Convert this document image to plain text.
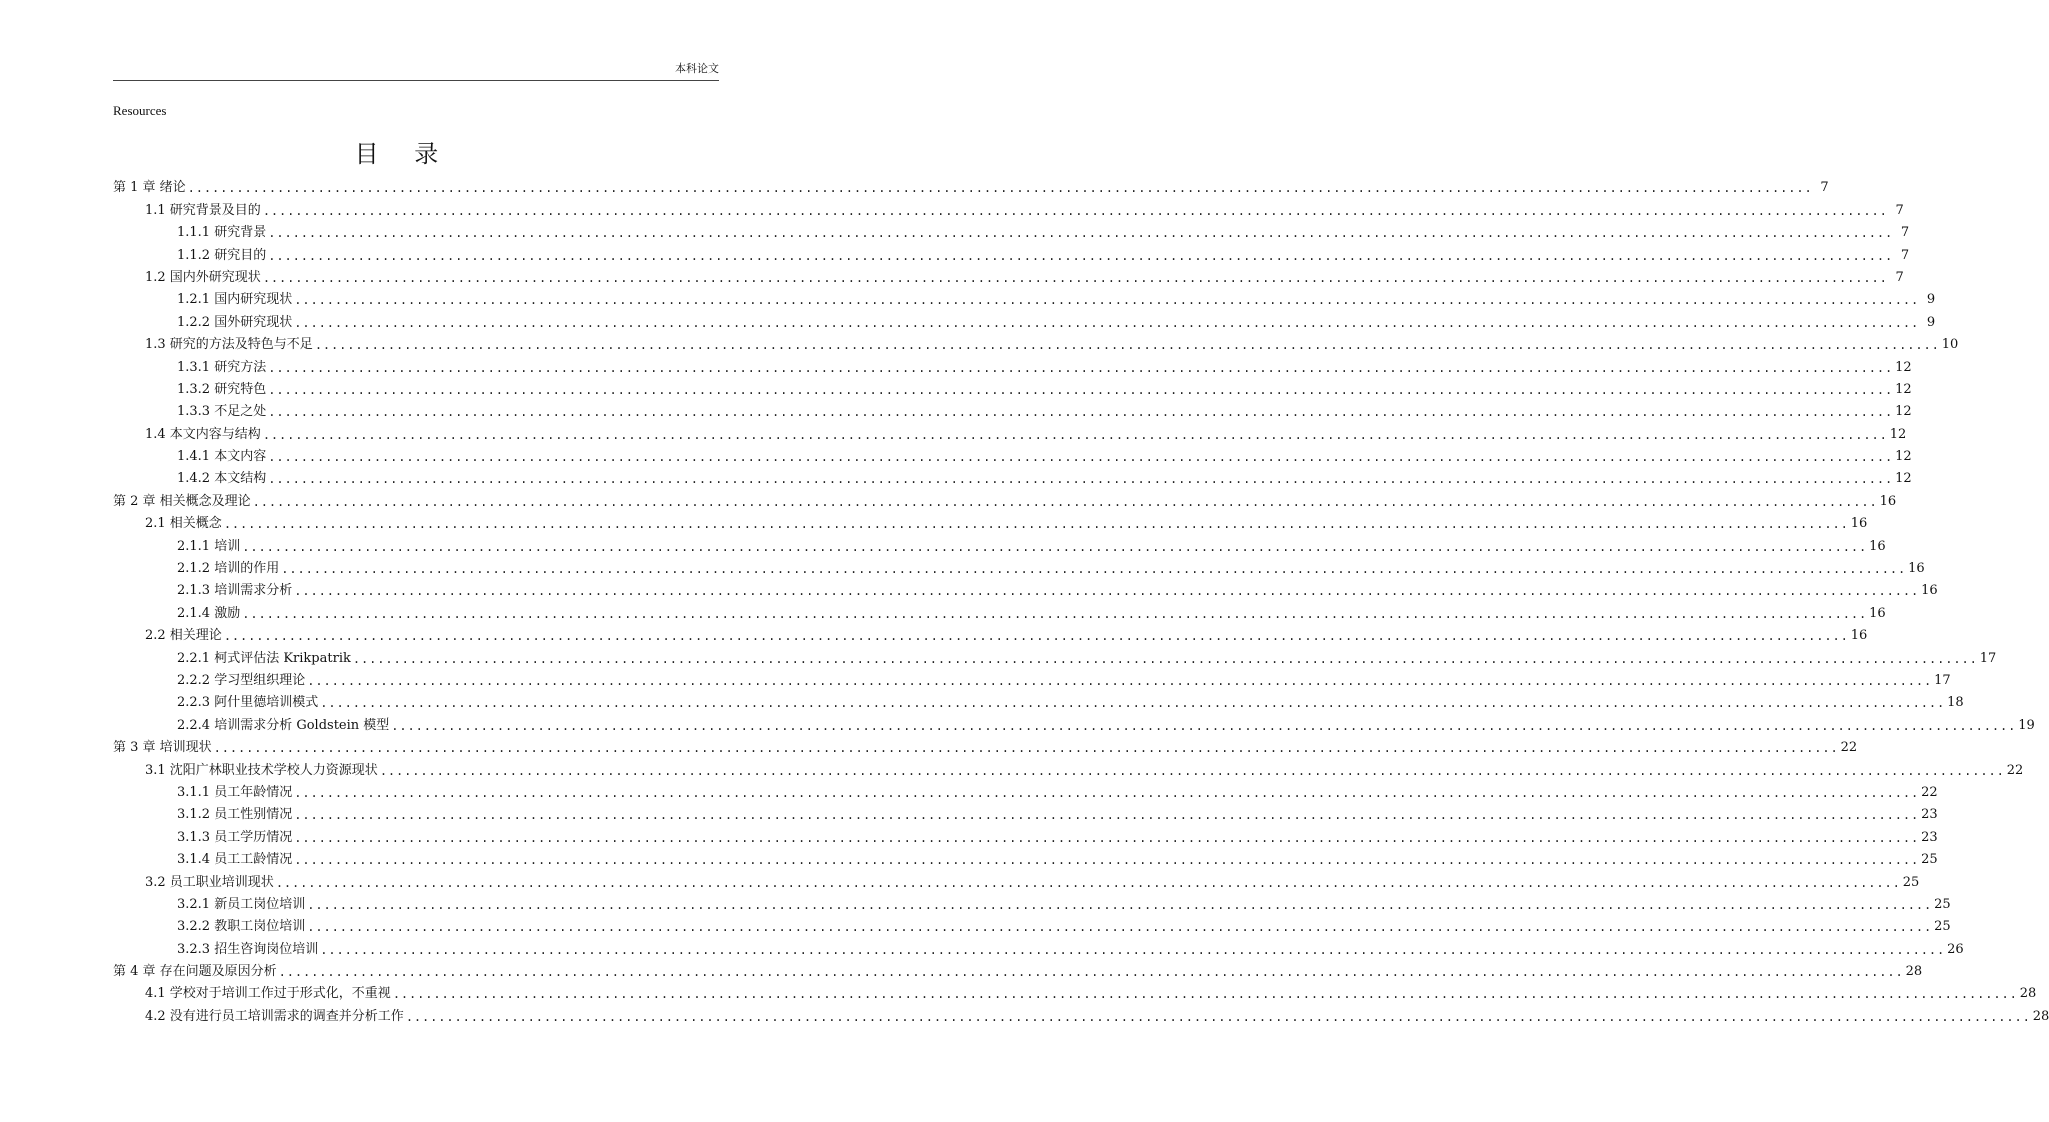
本科论文
Resources
目 录
第 1 章 绪论 ........................................................................................................................................................................................................ 7
1.1 研究背景及目的 ........................................................................................................................................................................................................ 7
1.1.1 研究背景 ........................................................................................................................................................................................................ 7
1.1.2 研究目的 ........................................................................................................................................................................................................ 7
1.2 国内外研究现状 ........................................................................................................................................................................................................ 7
1.2.1 国内研究现状 ........................................................................................................................................................................................................ 9
1.2.2 国外研究现状 ........................................................................................................................................................................................................ 9
1.3 研究的方法及特色与不足 ........................................................................................................................................................................................................ 10
1.3.1 研究方法 ........................................................................................................................................................................................................ 12
1.3.2 研究特色 ........................................................................................................................................................................................................ 12
1.3.3 不足之处 ........................................................................................................................................................................................................ 12
1.4 本文内容与结构 ........................................................................................................................................................................................................ 12
1.4.1 本文内容 ........................................................................................................................................................................................................ 12
1.4.2 本文结构 ........................................................................................................................................................................................................ 12
第 2 章 相关概念及理论 ........................................................................................................................................................................................................ 16
2.1 相关概念 ........................................................................................................................................................................................................ 16
2.1.1 培训 ........................................................................................................................................................................................................ 16
2.1.2 培训的作用 ........................................................................................................................................................................................................ 16
2.1.3 培训需求分析 ........................................................................................................................................................................................................ 16
2.1.4 激励 ........................................................................................................................................................................................................ 16
2.2 相关理论 ........................................................................................................................................................................................................ 16
2.2.1 柯式评估法 Krikpatrik ........................................................................................................................................................................................................ 17
2.2.2 学习型组织理论 ........................................................................................................................................................................................................ 17
2.2.3 阿什里德培训模式 ........................................................................................................................................................................................................ 18
2.2.4 培训需求分析 Goldstein 模型 ........................................................................................................................................................................................................ 19
第 3 章 培训现状 ........................................................................................................................................................................................................ 22
3.1 沈阳广林职业技术学校人力资源现状 ........................................................................................................................................................................................................ 22
3.1.1 员工年龄情况 ........................................................................................................................................................................................................ 22
3.1.2 员工性别情况 ........................................................................................................................................................................................................ 23
3.1.3 员工学历情况 ........................................................................................................................................................................................................ 23
3.1.4 员工工龄情况 ........................................................................................................................................................................................................ 25
3.2 员工职业培训现状 ........................................................................................................................................................................................................ 25
3.2.1 新员工岗位培训 ........................................................................................................................................................................................................ 25
3.2.2 教职工岗位培训 ........................................................................................................................................................................................................ 25
3.2.3 招生咨询岗位培训 ........................................................................................................................................................................................................ 26
第 4 章 存在问题及原因分析 ........................................................................................................................................................................................................ 28
4.1 学校对于培训工作过于形式化，不重视 ........................................................................................................................................................................................................ 28
4.2 没有进行员工培训需求的调查并分析工作 ........................................................................................................................................................................................................ 28
